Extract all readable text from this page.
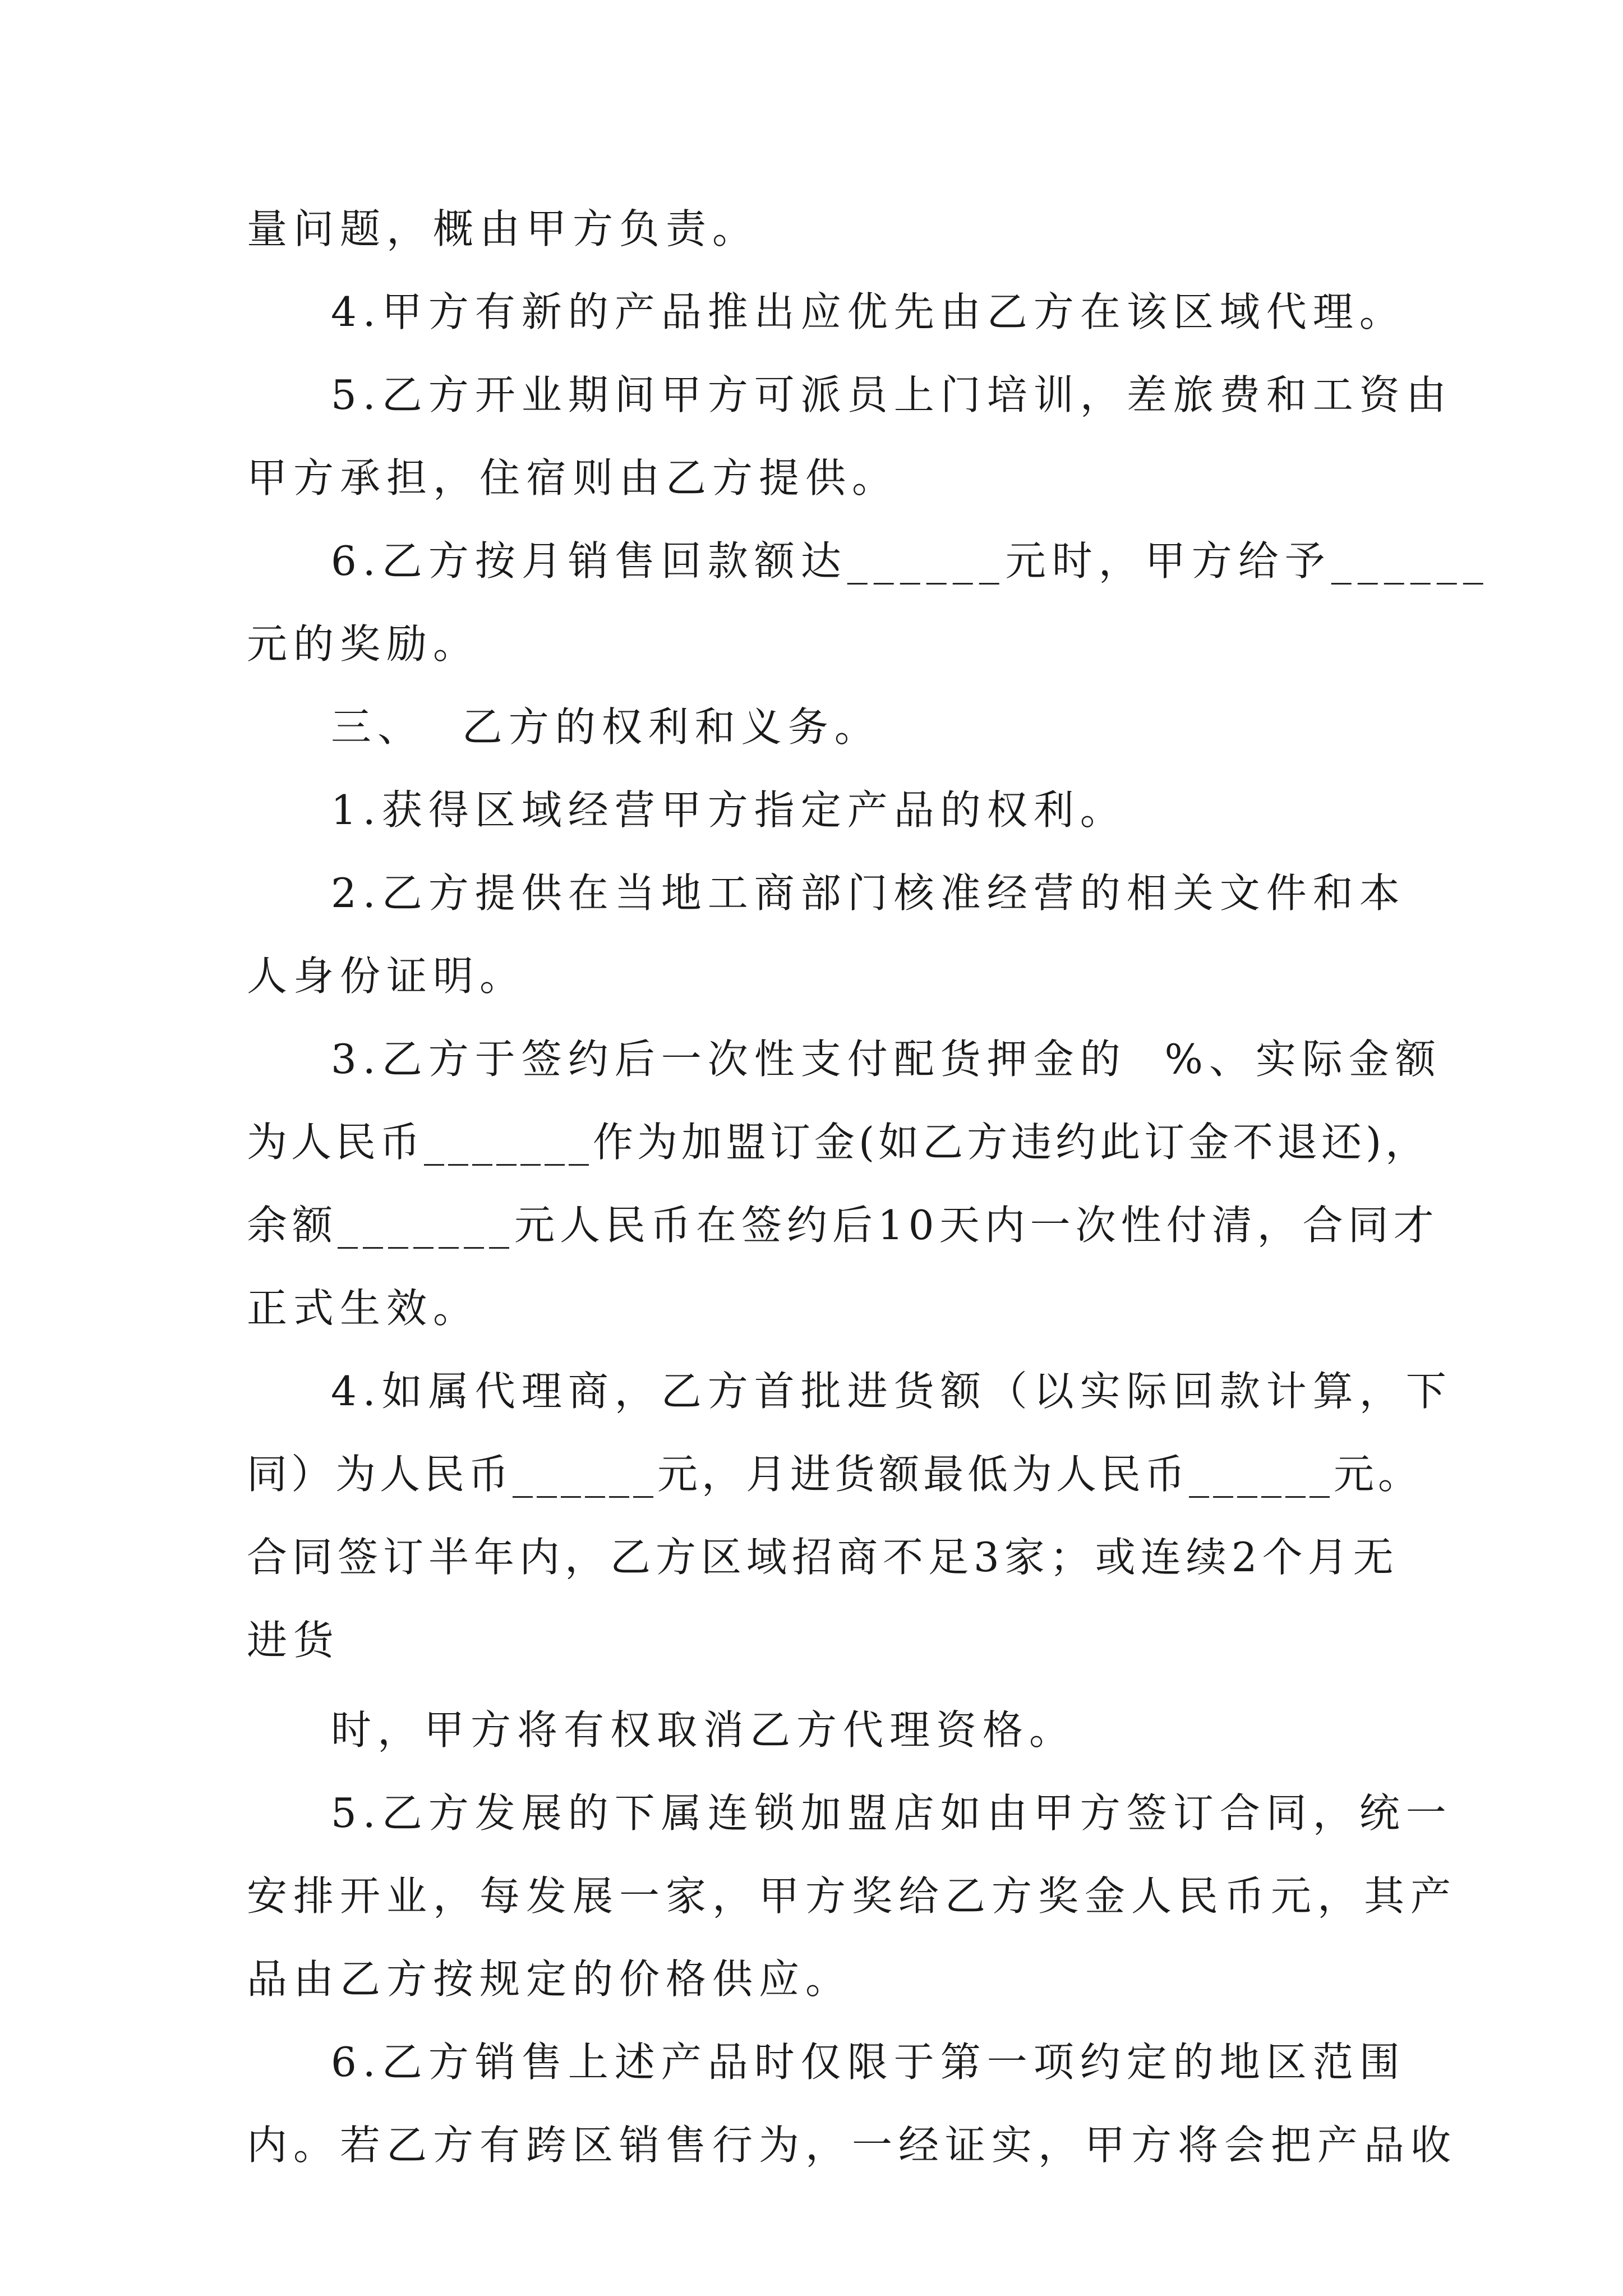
量问题，概由甲方负责。
4.甲方有新的产品推出应优先由乙方在该区域代理。
5.乙方开业期间甲方可派员上门培训，差旅费和工资由
甲方承担，住宿则由乙方提供。
6.乙方按月销售回款额达______元时，甲方给予______
元的奖励。
三、  乙方的权利和义务。
1.获得区域经营甲方指定产品的权利。
2.乙方提供在当地工商部门核准经营的相关文件和本
人身份证明。
3.乙方于签约后一次性支付配货押金的  %、实际金额
为人民币_______作为加盟订金(如乙方违约此订金不退还)，
余额_______元人民币在签约后10天内一次性付清，合同才
正式生效。
4.如属代理商，乙方首批进货额（以实际回款计算，下
同）为人民币______元，月进货额最低为人民币______元。
合同签订半年内，乙方区域招商不足3家；或连续2个月无
进货
时，甲方将有权取消乙方代理资格。
5.乙方发展的下属连锁加盟店如由甲方签订合同，统一
安排开业，每发展一家，甲方奖给乙方奖金人民币元，其产
品由乙方按规定的价格供应。
6.乙方销售上述产品时仅限于第一项约定的地区范围
内。若乙方有跨区销售行为，一经证实，甲方将会把产品收
